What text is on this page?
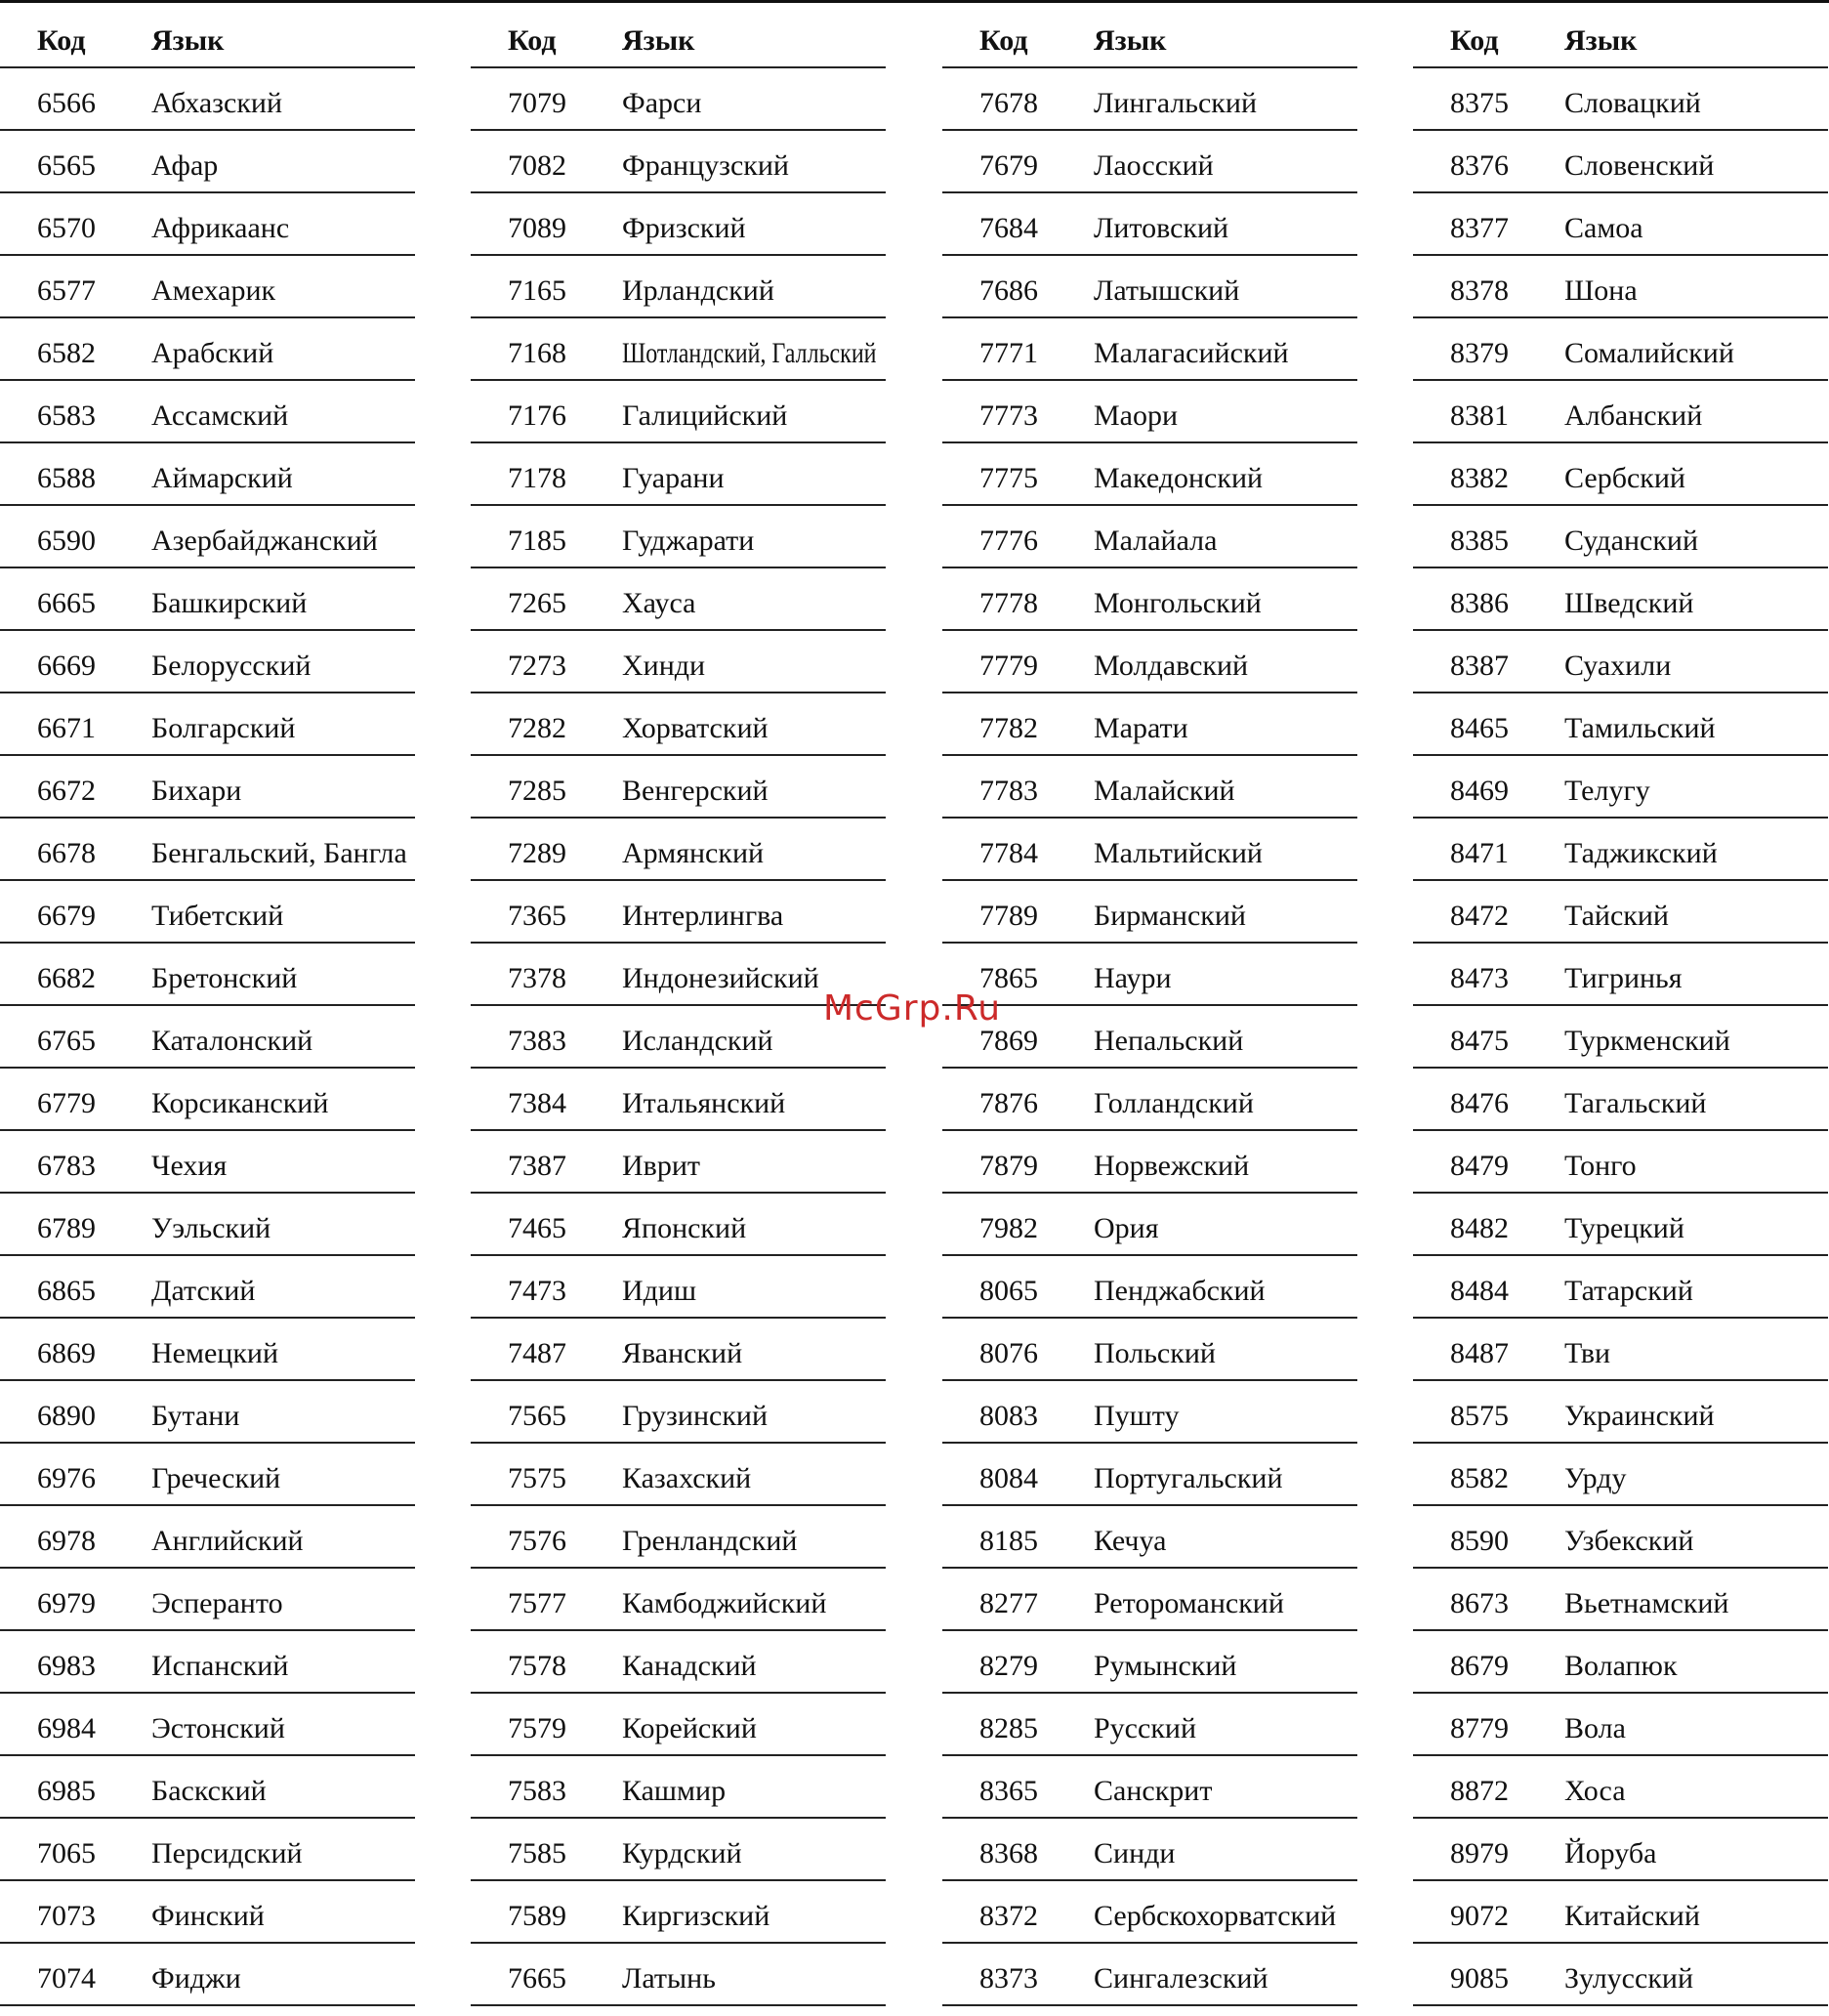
Код Язык
6566 Абхазский
6565 Афар
6570 Африкаанс
6577 Амехарик
6582 Арабский
6583 Ассамский
6588 Аймарский
6590 Азербайджанский
6665 Башкирский
6669 Белорусский
6671 Болгарский
6672 Бихари
6678 Бенгальский, Бангла
6679 Тибетский
6682 Бретонский
6765 Каталонский
6779 Корсиканский
6783 Чехия
6789 Уэльский
6865 Датский
6869 Немецкий
6890 Бутани
6976 Греческий
6978 Английский
6979 Эсперанто
6983 Испанский
6984 Эстонский
6985 Баскский
7065 Персидский
7073 Финский
7074 Фиджи
Код Язык
7079 Фарси
7082 Французский
7089 Фризский
7165 Ирландский
7168 Шотландский, Галльский
7176 Галицийский
7178 Гуарани
7185 Гуджарати
7265 Хауса
7273 Хинди
7282 Хорватский
7285 Венгерский
7289 Армянский
7365 Интерлингва
7378 Индонезийский
7383 Исландский
7384 Итальянский
7387 Иврит
7465 Японский
7473 Идиш
7487 Яванский
7565 Грузинский
7575 Казахский
7576 Гренландский
7577 Камбоджийский
7578 Канадский
7579 Корейский
7583 Кашмир
7585 Курдский
7589 Киргизский
7665 Латынь
Код Язык
7678 Лингальский
7679 Лаосский
7684 Литовский
7686 Латышский
7771 Малагасийский
7773 Маори
7775 Македонский
7776 Малайала
7778 Монгольский
7779 Молдавский
7782 Марати
7783 Малайский
7784 Мальтийский
7789 Бирманский
7865 Наури
7869 Непальский
7876 Голландский
7879 Норвежский
7982 Ория
8065 Пенджабский
8076 Польский
8083 Пушту
8084 Португальский
8185 Кечуа
8277 Ретороманский
8279 Румынский
8285 Русский
8365 Санскрит
8368 Синди
8372 Сербскохорватский
8373 Сингалезский
Код Язык
8375 Словацкий
8376 Словенский
8377 Самоа
8378 Шона
8379 Сомалийский
8381 Албанский
8382 Сербский
8385 Суданский
8386 Шведский
8387 Суахили
8465 Тамильский
8469 Телугу
8471 Таджикский
8472 Тайский
8473 Тигринья
8475 Туркменский
8476 Тагальский
8479 Тонго
8482 Турецкий
8484 Татарский
8487 Тви
8575 Украинский
8582 Урду
8590 Узбекский
8673 Вьетнамский
8679 Волапюк
8779 Вола
8872 Хоса
8979 Йоруба
9072 Китайский
9085 Зулусский
McGrp.Ru
